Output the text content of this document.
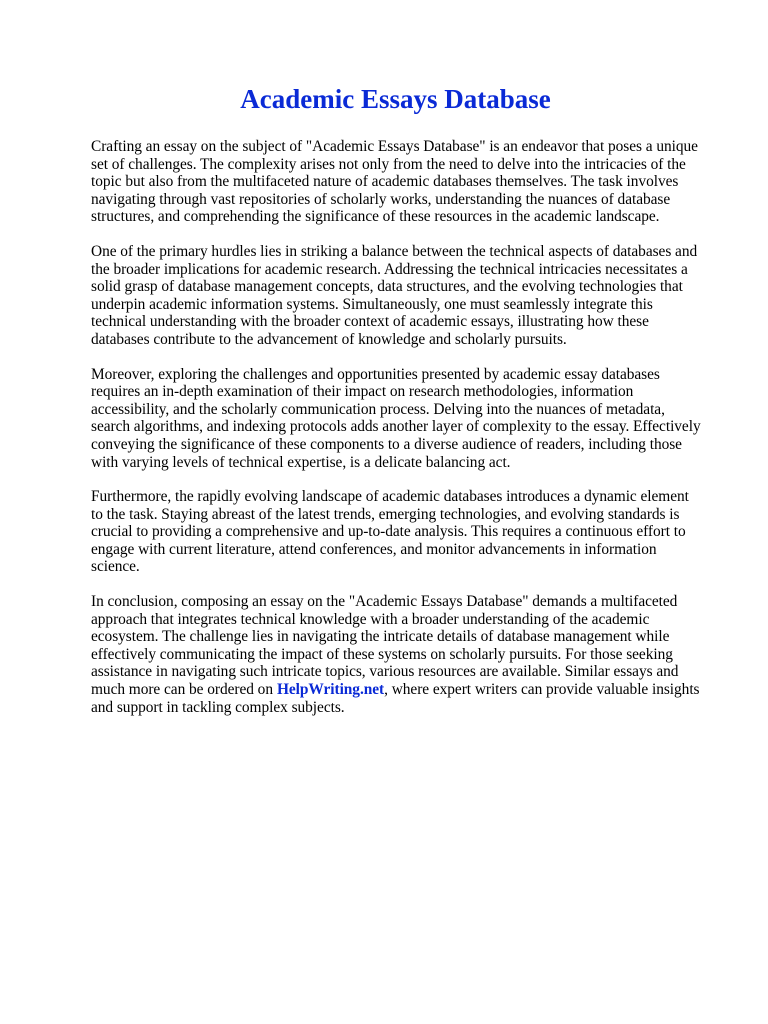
Academic Essays Database

Crafting an essay on the subject of "Academic Essays Database" is an endeavor that poses a unique set of challenges. The complexity arises not only from the need to delve into the intricacies of the topic but also from the multifaceted nature of academic databases themselves. The task involves navigating through vast repositories of scholarly works, understanding the nuances of database structures, and comprehending the significance of these resources in the academic landscape.

One of the primary hurdles lies in striking a balance between the technical aspects of databases and the broader implications for academic research. Addressing the technical intricacies necessitates a solid grasp of database management concepts, data structures, and the evolving technologies that underpin academic information systems. Simultaneously, one must seamlessly integrate this technical understanding with the broader context of academic essays, illustrating how these databases contribute to the advancement of knowledge and scholarly pursuits.

Moreover, exploring the challenges and opportunities presented by academic essay databases requires an in-depth examination of their impact on research methodologies, information accessibility, and the scholarly communication process. Delving into the nuances of metadata, search algorithms, and indexing protocols adds another layer of complexity to the essay. Effectively conveying the significance of these components to a diverse audience of readers, including those with varying levels of technical expertise, is a delicate balancing act.

Furthermore, the rapidly evolving landscape of academic databases introduces a dynamic element to the task. Staying abreast of the latest trends, emerging technologies, and evolving standards is crucial to providing a comprehensive and up-to-date analysis. This requires a continuous effort to engage with current literature, attend conferences, and monitor advancements in information science.

In conclusion, composing an essay on the "Academic Essays Database" demands a multifaceted approach that integrates technical knowledge with a broader understanding of the academic ecosystem. The challenge lies in navigating the intricate details of database management while effectively communicating the impact of these systems on scholarly pursuits. For those seeking assistance in navigating such intricate topics, various resources are available. Similar essays and much more can be ordered on HelpWriting.net, where expert writers can provide valuable insights and support in tackling complex subjects.
